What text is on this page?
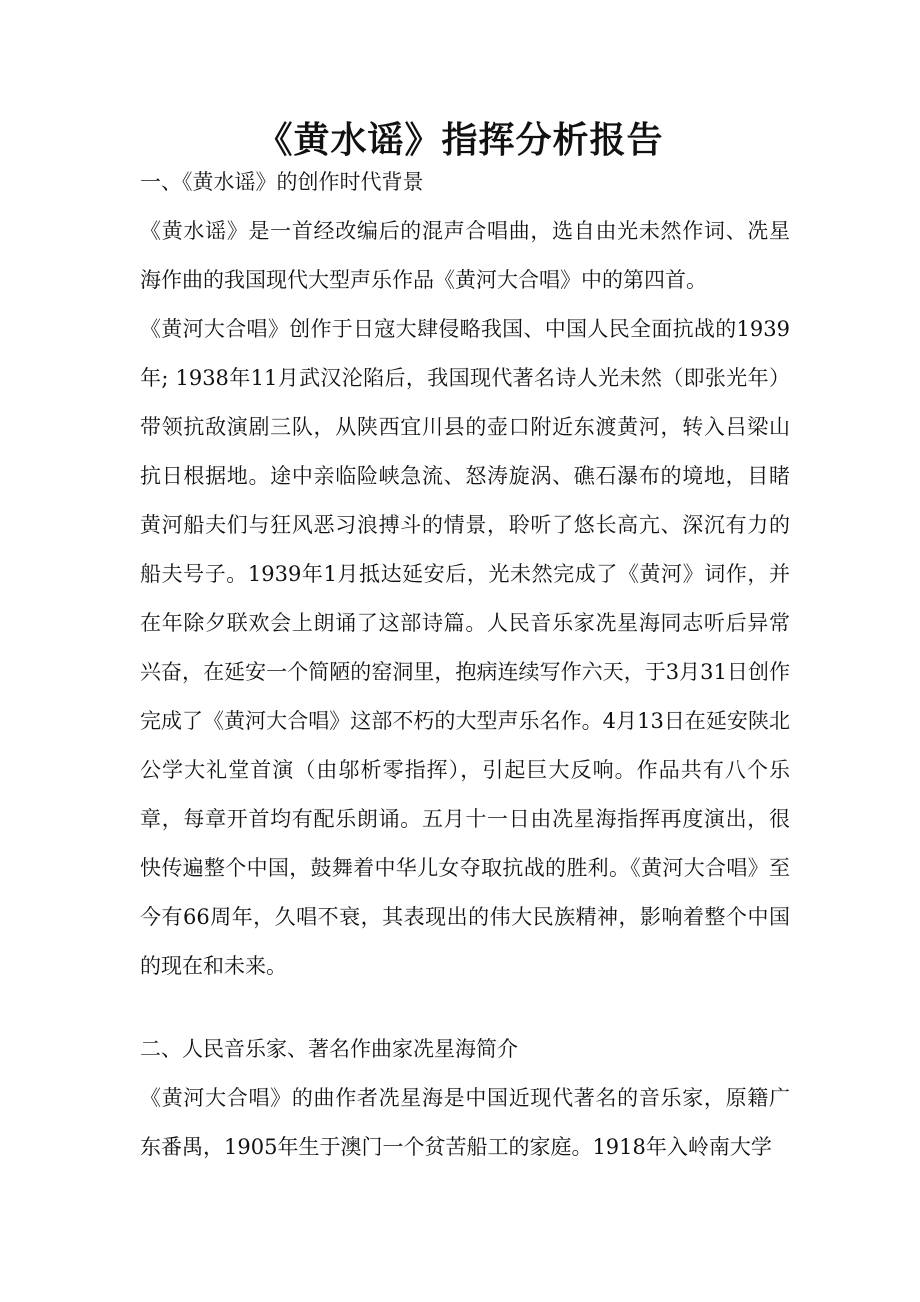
《黄水谣》指挥分析报告

一、《黄水谣》的创作时代背景

《黄水谣》是一首经改编后的混声合唱曲，选自由光未然作词、冼星海作曲的我国现代大型声乐作品《黄河大合唱》中的第四首。

《黄河大合唱》创作于日寇大肆侵略我国、中国人民全面抗战的1939年; 1938年11月武汉沦陷后，我国现代著名诗人光未然（即张光年）带领抗敌演剧三队，从陕西宜川县的壶口附近东渡黄河，转入吕梁山抗日根据地。途中亲临险峡急流、怒涛旋涡、礁石瀑布的境地，目睹黄河船夫们与狂风恶习浪搏斗的情景，聆听了悠长高亢、深沉有力的船夫号子。1939年1月抵达延安后，光未然完成了《黄河》词作，并在年除夕联欢会上朗诵了这部诗篇。人民音乐家冼星海同志听后异常兴奋，在延安一个简陋的窑洞里，抱病连续写作六天，于3月31日创作完成了《黄河大合唱》这部不朽的大型声乐名作。4月13日在延安陕北公学大礼堂首演（由邬析零指挥），引起巨大反响。作品共有八个乐章，每章开首均有配乐朗诵。五月十一日由冼星海指挥再度演出，很快传遍整个中国，鼓舞着中华儿女夺取抗战的胜利。《黄河大合唱》至今有66周年，久唱不衰，其表现出的伟大民族精神，影响着整个中国的现在和未来。

二、人民音乐家、著名作曲家冼星海简介

《黄河大合唱》的曲作者冼星海是中国近现代著名的音乐家，原籍广东番禺，1905年生于澳门一个贫苦船工的家庭。1918年入岭南大学
